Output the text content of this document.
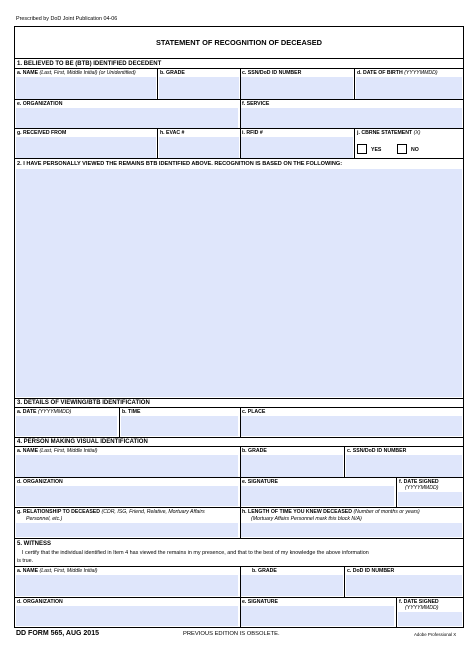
Prescribed by DoD Joint Publication 04-06
STATEMENT OF RECOGNITION OF DECEASED
1. BELIEVED TO BE (BTB) IDENTIFIED DECEDENT
a. NAME (Last, First, Middle Initial) (or Unidentified)	b. GRADE	c. SSN/DoD ID NUMBER	d. DATE OF BIRTH (YYYYMMDD)
e. ORGANIZATION	f. SERVICE
g. RECEIVED FROM	h. EVAC #	i. RFID #	j. CBRNE STATEMENT (X)
YES	NO
2. I HAVE PERSONALLY VIEWED THE REMAINS BTB IDENTIFIED ABOVE. RECOGNITION IS BASED ON THE FOLLOWING:
3. DETAILS OF VIEWING/BTB IDENTIFICATION
a. DATE (YYYYMMDD)	b. TIME	c. PLACE
4. PERSON MAKING VISUAL IDENTIFICATION
a. NAME (Last, First, Middle Initial)	b. GRADE	c. SSN/DoD ID NUMBER
d. ORGANIZATION	e. SIGNATURE	f. DATE SIGNED
(YYYYMMDD)
g. RELATIONSHIP TO DECEASED (CDR, ISG, Friend, Relative, Mortuary Affairs
Personnel, etc.)
h. LENGTH OF TIME YOU KNEW DECEASED (Number of months or years)
(Mortuary Affairs Personnel mark this block N/A)
5. WITNESS
I certify that the individual identified in Item 4 has viewed the remains in my presence, and that to the best of my knowledge the above information
is true.
a. NAME (Last, First, Middle Initial)	b. GRADE	c. DoD ID NUMBER
d. ORGANIZATION	e. SIGNATURE	f. DATE SIGNED
(YYYYMMDD)
DD FORM 565, AUG 2015	PREVIOUS EDITION IS OBSOLETE.	Adobe Professional X
